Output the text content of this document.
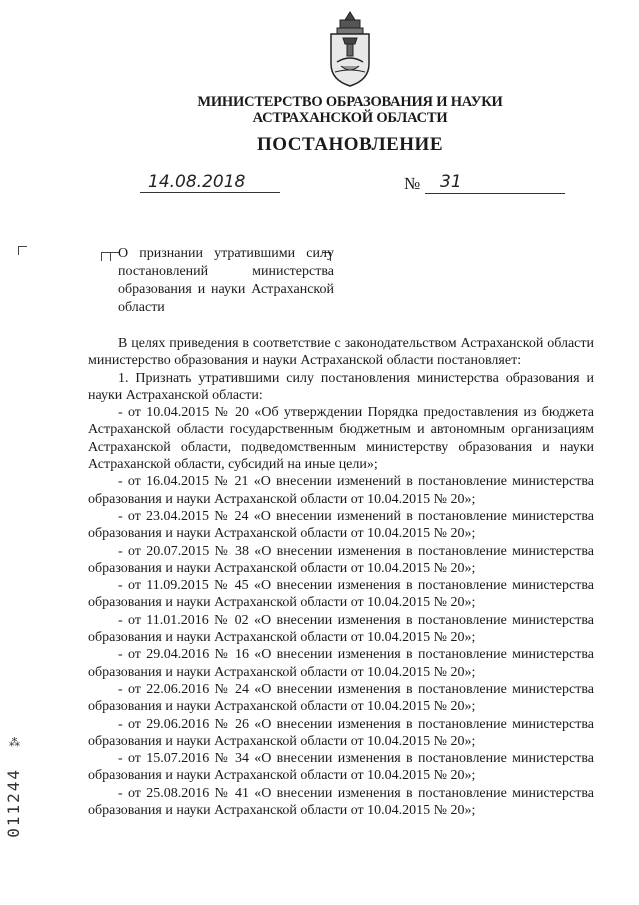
МИНИСТЕРСТВО ОБРАЗОВАНИЯ И НАУКИ
АСТРАХАНСКОЙ ОБЛАСТИ
ПОСТАНОВЛЕНИЕ
14.08.2018	№ 31

О признании утратившими силу постановлений министерства образования и науки Астраханской области

В целях приведения в соответствие с законодательством Астраханской области министерство образования и науки Астраханской области постановляет:

1. Признать утратившими силу постановления министерства образования и науки Астраханской области:

- от 10.04.2015 № 20 «Об утверждении Порядка предоставления из бюджета Астраханской области государственным бюджетным и автономным организациям Астраханской области, подведомственным министерству образования и науки Астраханской области, субсидий на иные цели»;

- от 16.04.2015 № 21 «О внесении изменений в постановление министерства образования и науки Астраханской области от 10.04.2015 № 20»;

- от 23.04.2015 № 24 «О внесении изменений в постановление министерства образования и науки Астраханской области от 10.04.2015 № 20»;

- от 20.07.2015 № 38 «О внесении изменения в постановление министерства образования и науки Астраханской области от 10.04.2015 № 20»;

- от 11.09.2015 № 45 «О внесении изменения в постановление министерства образования и науки Астраханской области от 10.04.2015 № 20»;

- от 11.01.2016 № 02 «О внесении изменения в постановление министерства образования и науки Астраханской области от 10.04.2015 № 20»;

- от 29.04.2016 № 16 «О внесении изменения в постановление министерства образования и науки Астраханской области от 10.04.2015 № 20»;

- от 22.06.2016 № 24 «О внесении изменения в постановление министерства образования и науки Астраханской области от 10.04.2015 № 20»;

- от 29.06.2016 № 26 «О внесении изменения в постановление министерства образования и науки Астраханской области от 10.04.2015 № 20»;

- от 15.07.2016 № 34 «О внесении изменения в постановление министерства образования и науки Астраханской области от 10.04.2015 № 20»;

- от 25.08.2016 № 41 «О внесении изменения в постановление министерства образования и науки Астраханской области от 10.04.2015 № 20»;

⁂
011244
